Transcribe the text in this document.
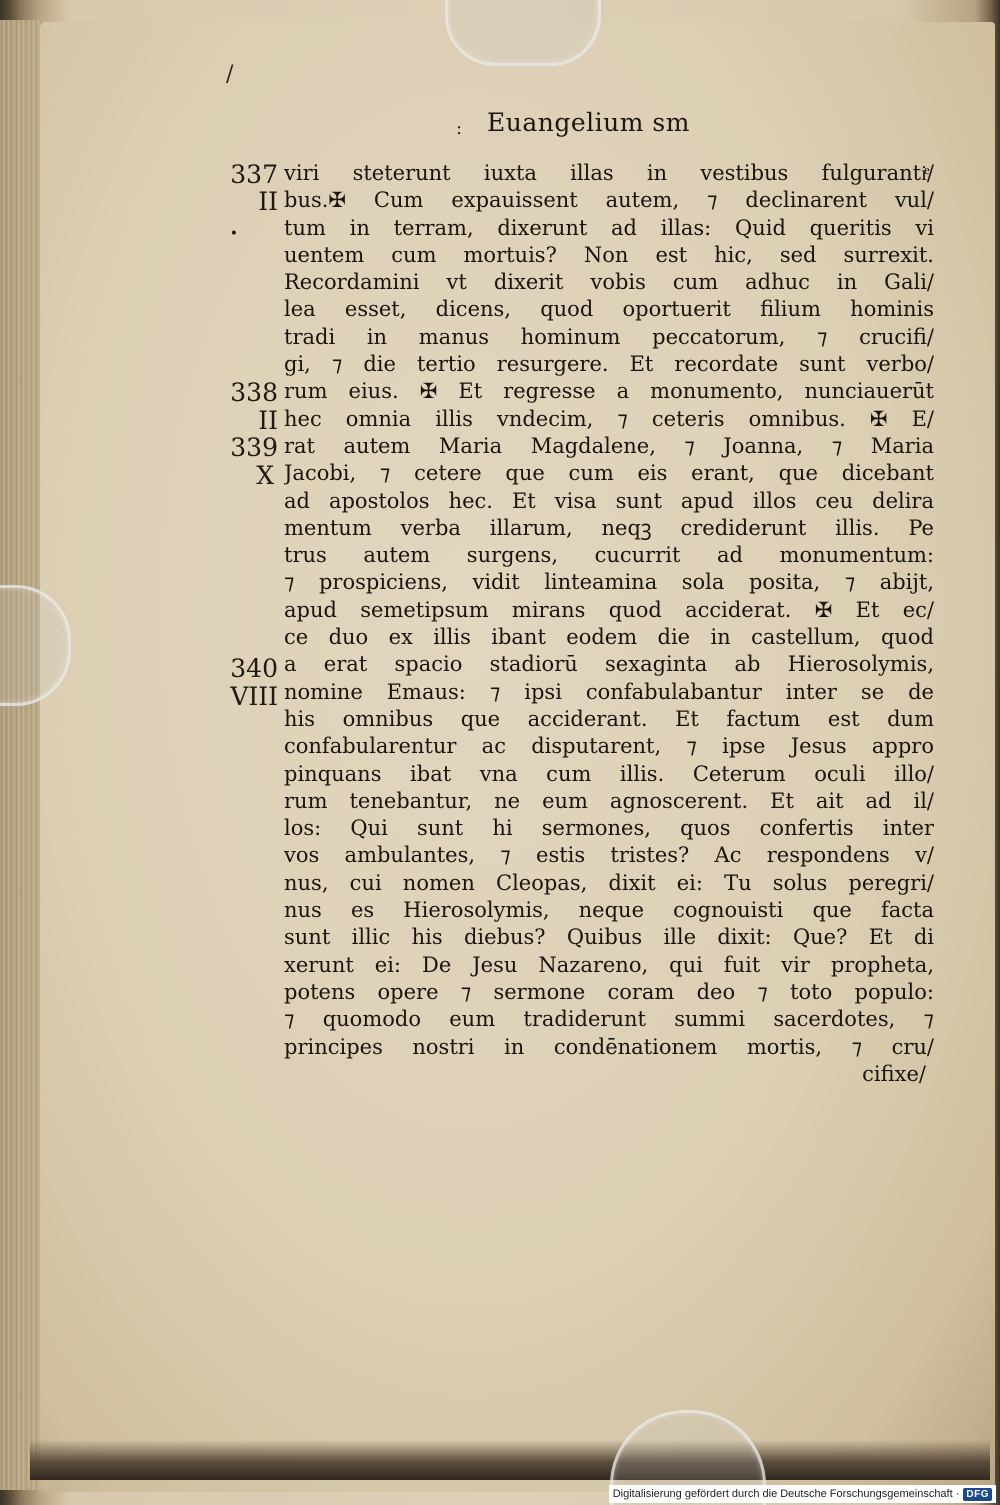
/
: Euangelium sm
337
II
•
338
II
339
X
340
VIII
viri steterunt iuxta illas in vestibus fulgurantiͤ/
bus.✠ Cum expauissent autem, ⁊ declinarent vul/
tum in terram, dixerunt ad illas: Quid queritis vi
uentem cum mortuis? Non est hic, sed surrexit.
Recordamini vt dixerit vobis cum adhuc in Gali/
lea esset, dicens, quod oportuerit filium hominis
tradi in manus hominum peccatorum, ⁊ crucifi/
gi, ⁊ die tertio resurgere. Et recordate sunt verbo/
rum eius. ✠ Et regresse a monumento, nunciauerūt
hec omnia illis vndecim, ⁊ ceteris omnibus. ✠ E/
rat autem Maria Magdalene, ⁊ Joanna, ⁊ Maria
Jacobi, ⁊ cetere que cum eis erant, que dicebant
ad apostolos hec. Et visa sunt apud illos ceu delira
mentum verba illarum, neqꝫ crediderunt illis. Pe
trus autem surgens, cucurrit ad monumentum:
⁊ prospiciens, vidit linteamina sola posita, ⁊ abijt,
apud semetipsum mirans quod acciderat. ✠ Et ec/
ce duo ex illis ibant eodem die in castellum, quod
a erat spacio stadiorū sexaginta ab Hierosolymis,
nomine Emaus: ⁊ ipsi confabulabantur inter se de
his omnibus que acciderant. Et factum est dum
confabularentur ac disputarent, ⁊ ipse Jesus appro
pinquans ibat vna cum illis. Ceterum oculi illo/
rum tenebantur, ne eum agnoscerent. Et ait ad il/
los: Qui sunt hi sermones, quos confertis inter
vos ambulantes, ⁊ estis tristes? Ac respondens v/
nus, cui nomen Cleopas, dixit ei: Tu solus peregri/
nus es Hierosolymis, neque cognouisti que facta
sunt illic his diebus? Quibus ille dixit: Que? Et di
xerunt ei: De Jesu Nazareno, qui fuit vir propheta,
potens opere ⁊ sermone coram deo ⁊ toto populo:
⁊ quomodo eum tradiderunt summi sacerdotes, ⁊
principes nostri in condēnationem mortis, ⁊ cru/
cifixe/
Digitalisierung gefördert durch die Deutsche Forschungsgemeinschaft · DFG
